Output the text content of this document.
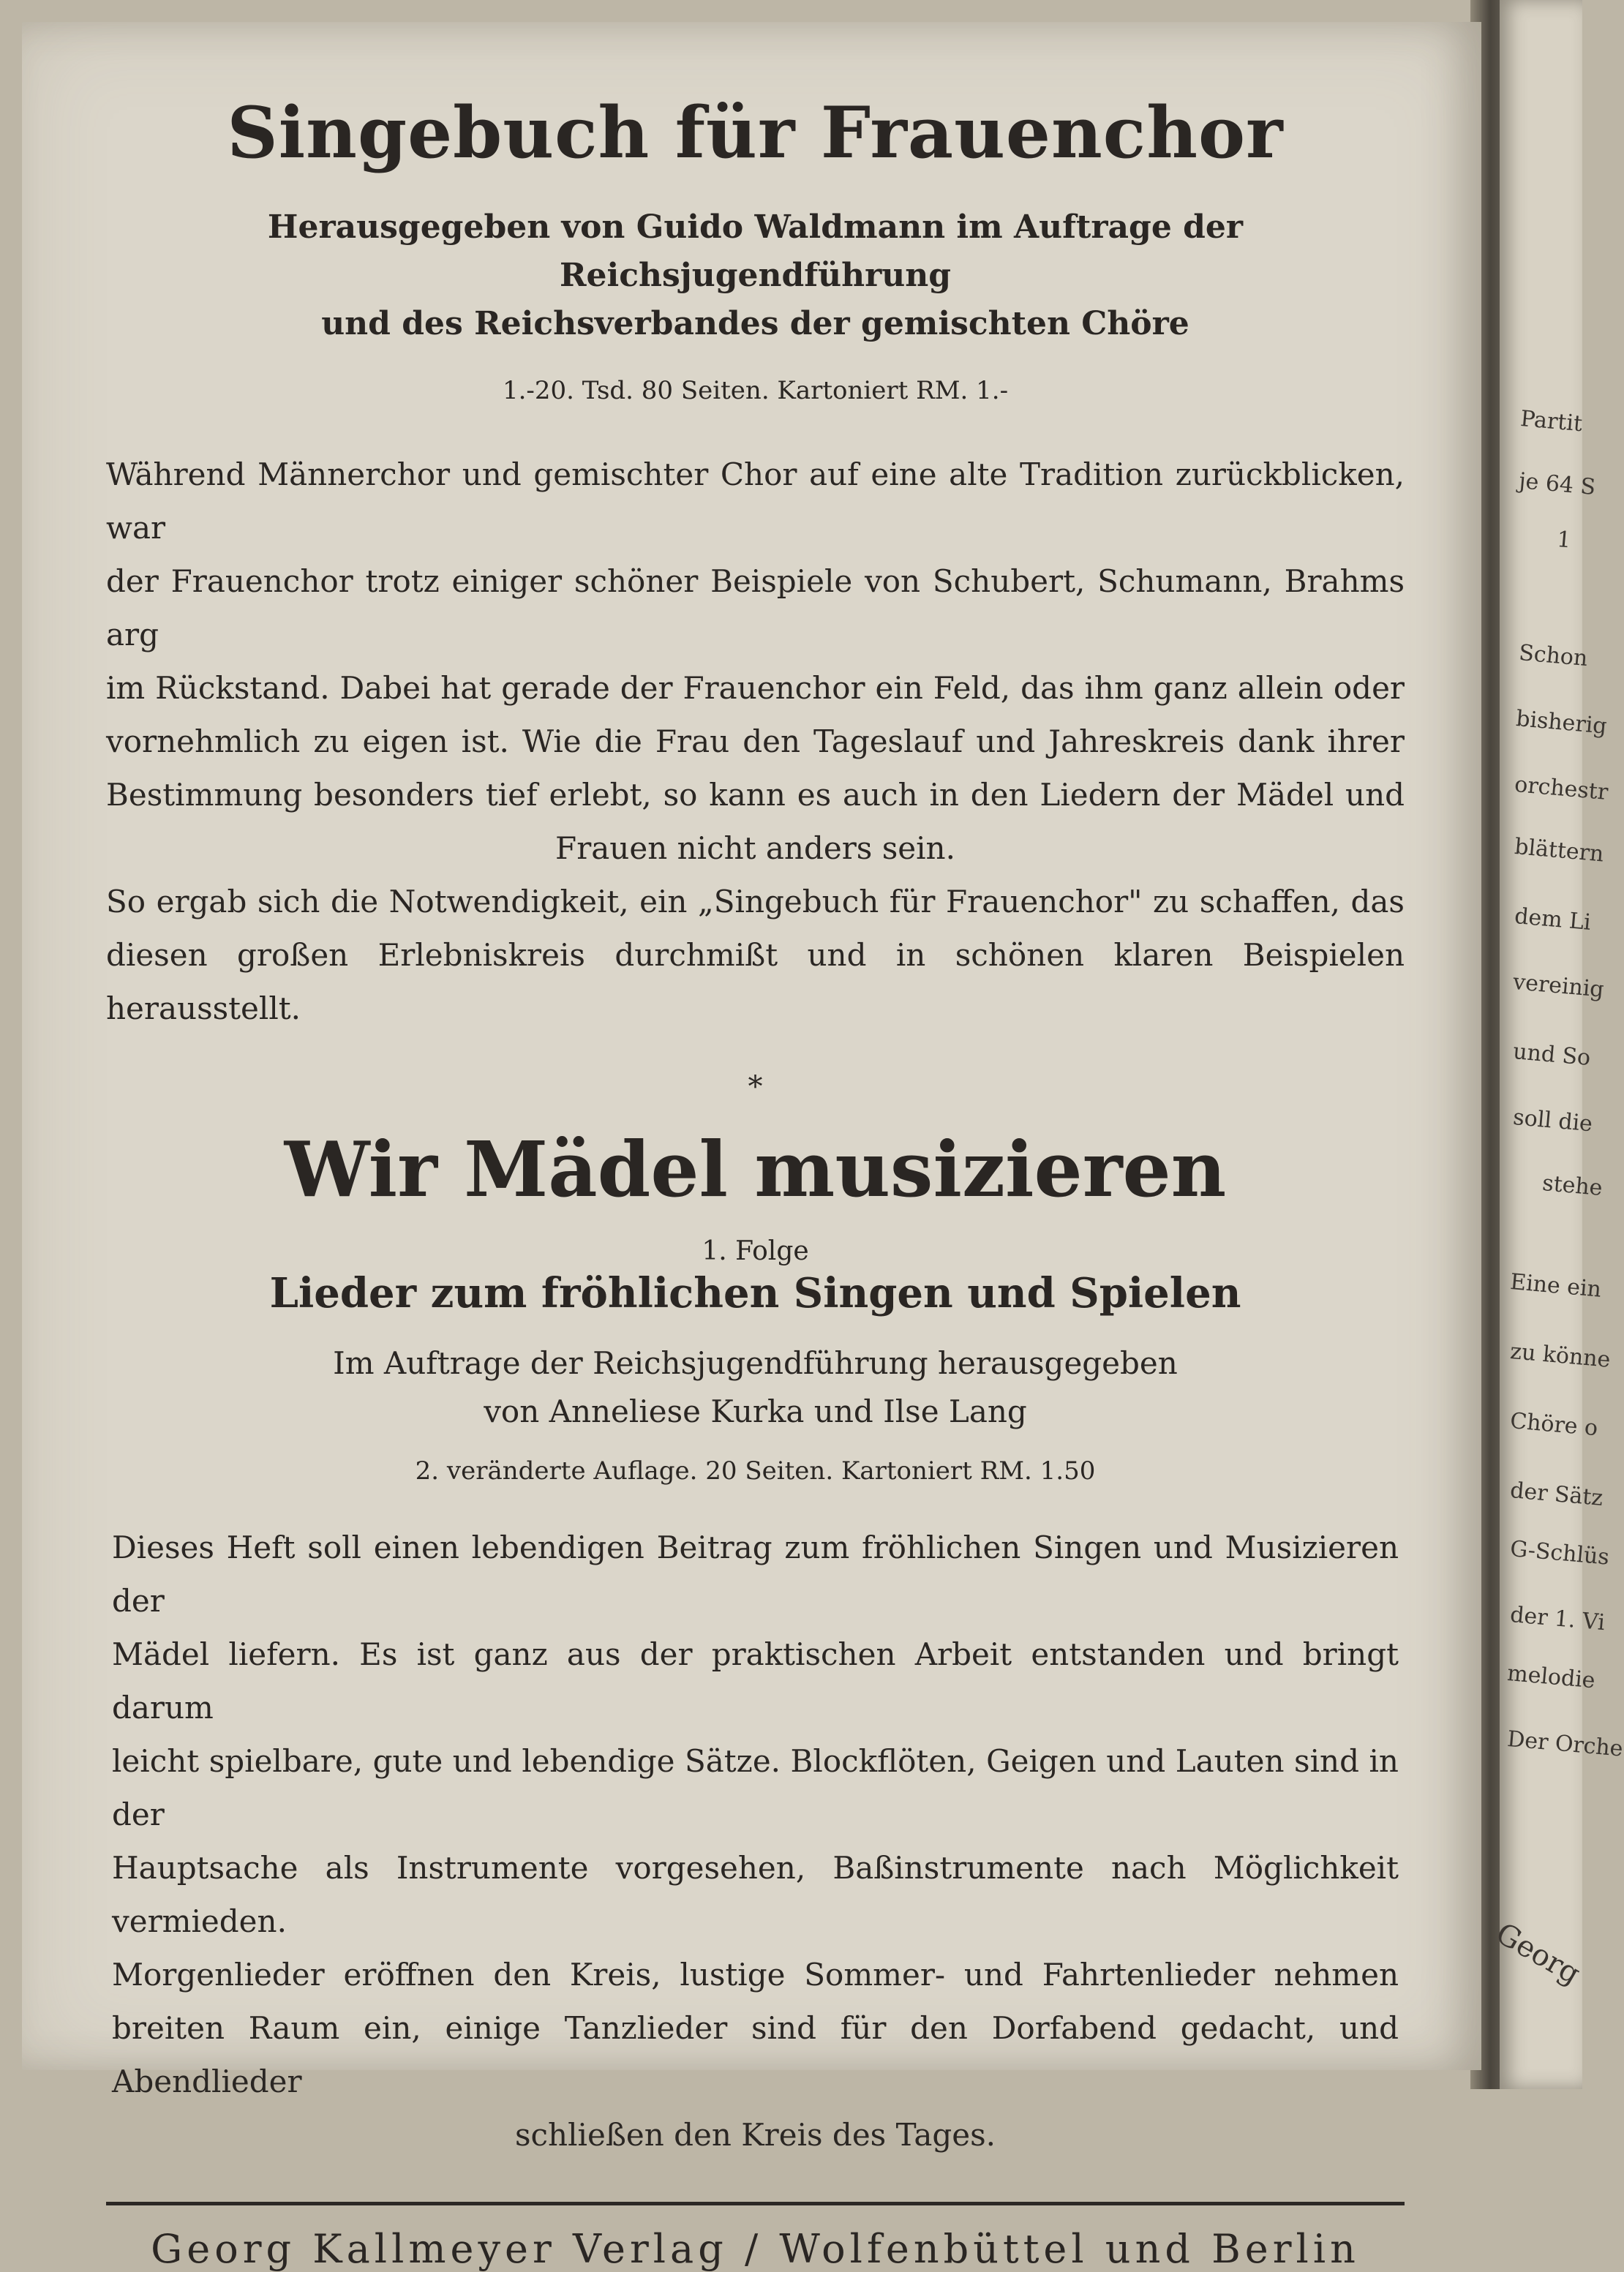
Partit
je 64 S
1
Schon
bisherig
orchestr
blättern
dem Li
vereinig
und So
soll die
stehe
Eine ein
zu könne
Chöre o
der Sätz
G-Schlüs
der 1. Vi
melodie
Der Orche
Georg
Singebuch für Frauenchor
Herausgegeben von Guido Waldmann im Auftrage der Reichsjugendführung
und des Reichsverbandes der gemischten Chöre
1.-20. Tsd. 80 Seiten. Kartoniert RM. 1.-
Während Männerchor und gemischter Chor auf eine alte Tradition zurückblicken, war
der Frauenchor trotz einiger schöner Beispiele von Schubert, Schumann, Brahms arg
im Rückstand. Dabei hat gerade der Frauenchor ein Feld, das ihm ganz allein oder
vornehmlich zu eigen ist. Wie die Frau den Tageslauf und Jahreskreis dank ihrer
Bestimmung besonders tief erlebt, so kann es auch in den Liedern der Mädel und
Frauen nicht anders sein.
So ergab sich die Notwendigkeit, ein „Singebuch für Frauenchor" zu schaffen, das
diesen großen Erlebniskreis durchmißt und in schönen klaren Beispielen herausstellt.
*
Wir Mädel musizieren
1. Folge
Lieder zum fröhlichen Singen und Spielen
Im Auftrage der Reichsjugendführung herausgegeben
von Anneliese Kurka und Ilse Lang
2. veränderte Auflage. 20 Seiten. Kartoniert RM. 1.50
Dieses Heft soll einen lebendigen Beitrag zum fröhlichen Singen und Musizieren der
Mädel liefern. Es ist ganz aus der praktischen Arbeit entstanden und bringt darum
leicht spielbare, gute und lebendige Sätze. Blockflöten, Geigen und Lauten sind in der
Hauptsache als Instrumente vorgesehen, Baßinstrumente nach Möglichkeit vermieden.
Morgenlieder eröffnen den Kreis, lustige Sommer- und Fahrtenlieder nehmen
breiten Raum ein, einige Tanzlieder sind für den Dorfabend gedacht, und Abendlieder
schließen den Kreis des Tages.
Georg Kallmeyer Verlag / Wolfenbüttel und Berlin
